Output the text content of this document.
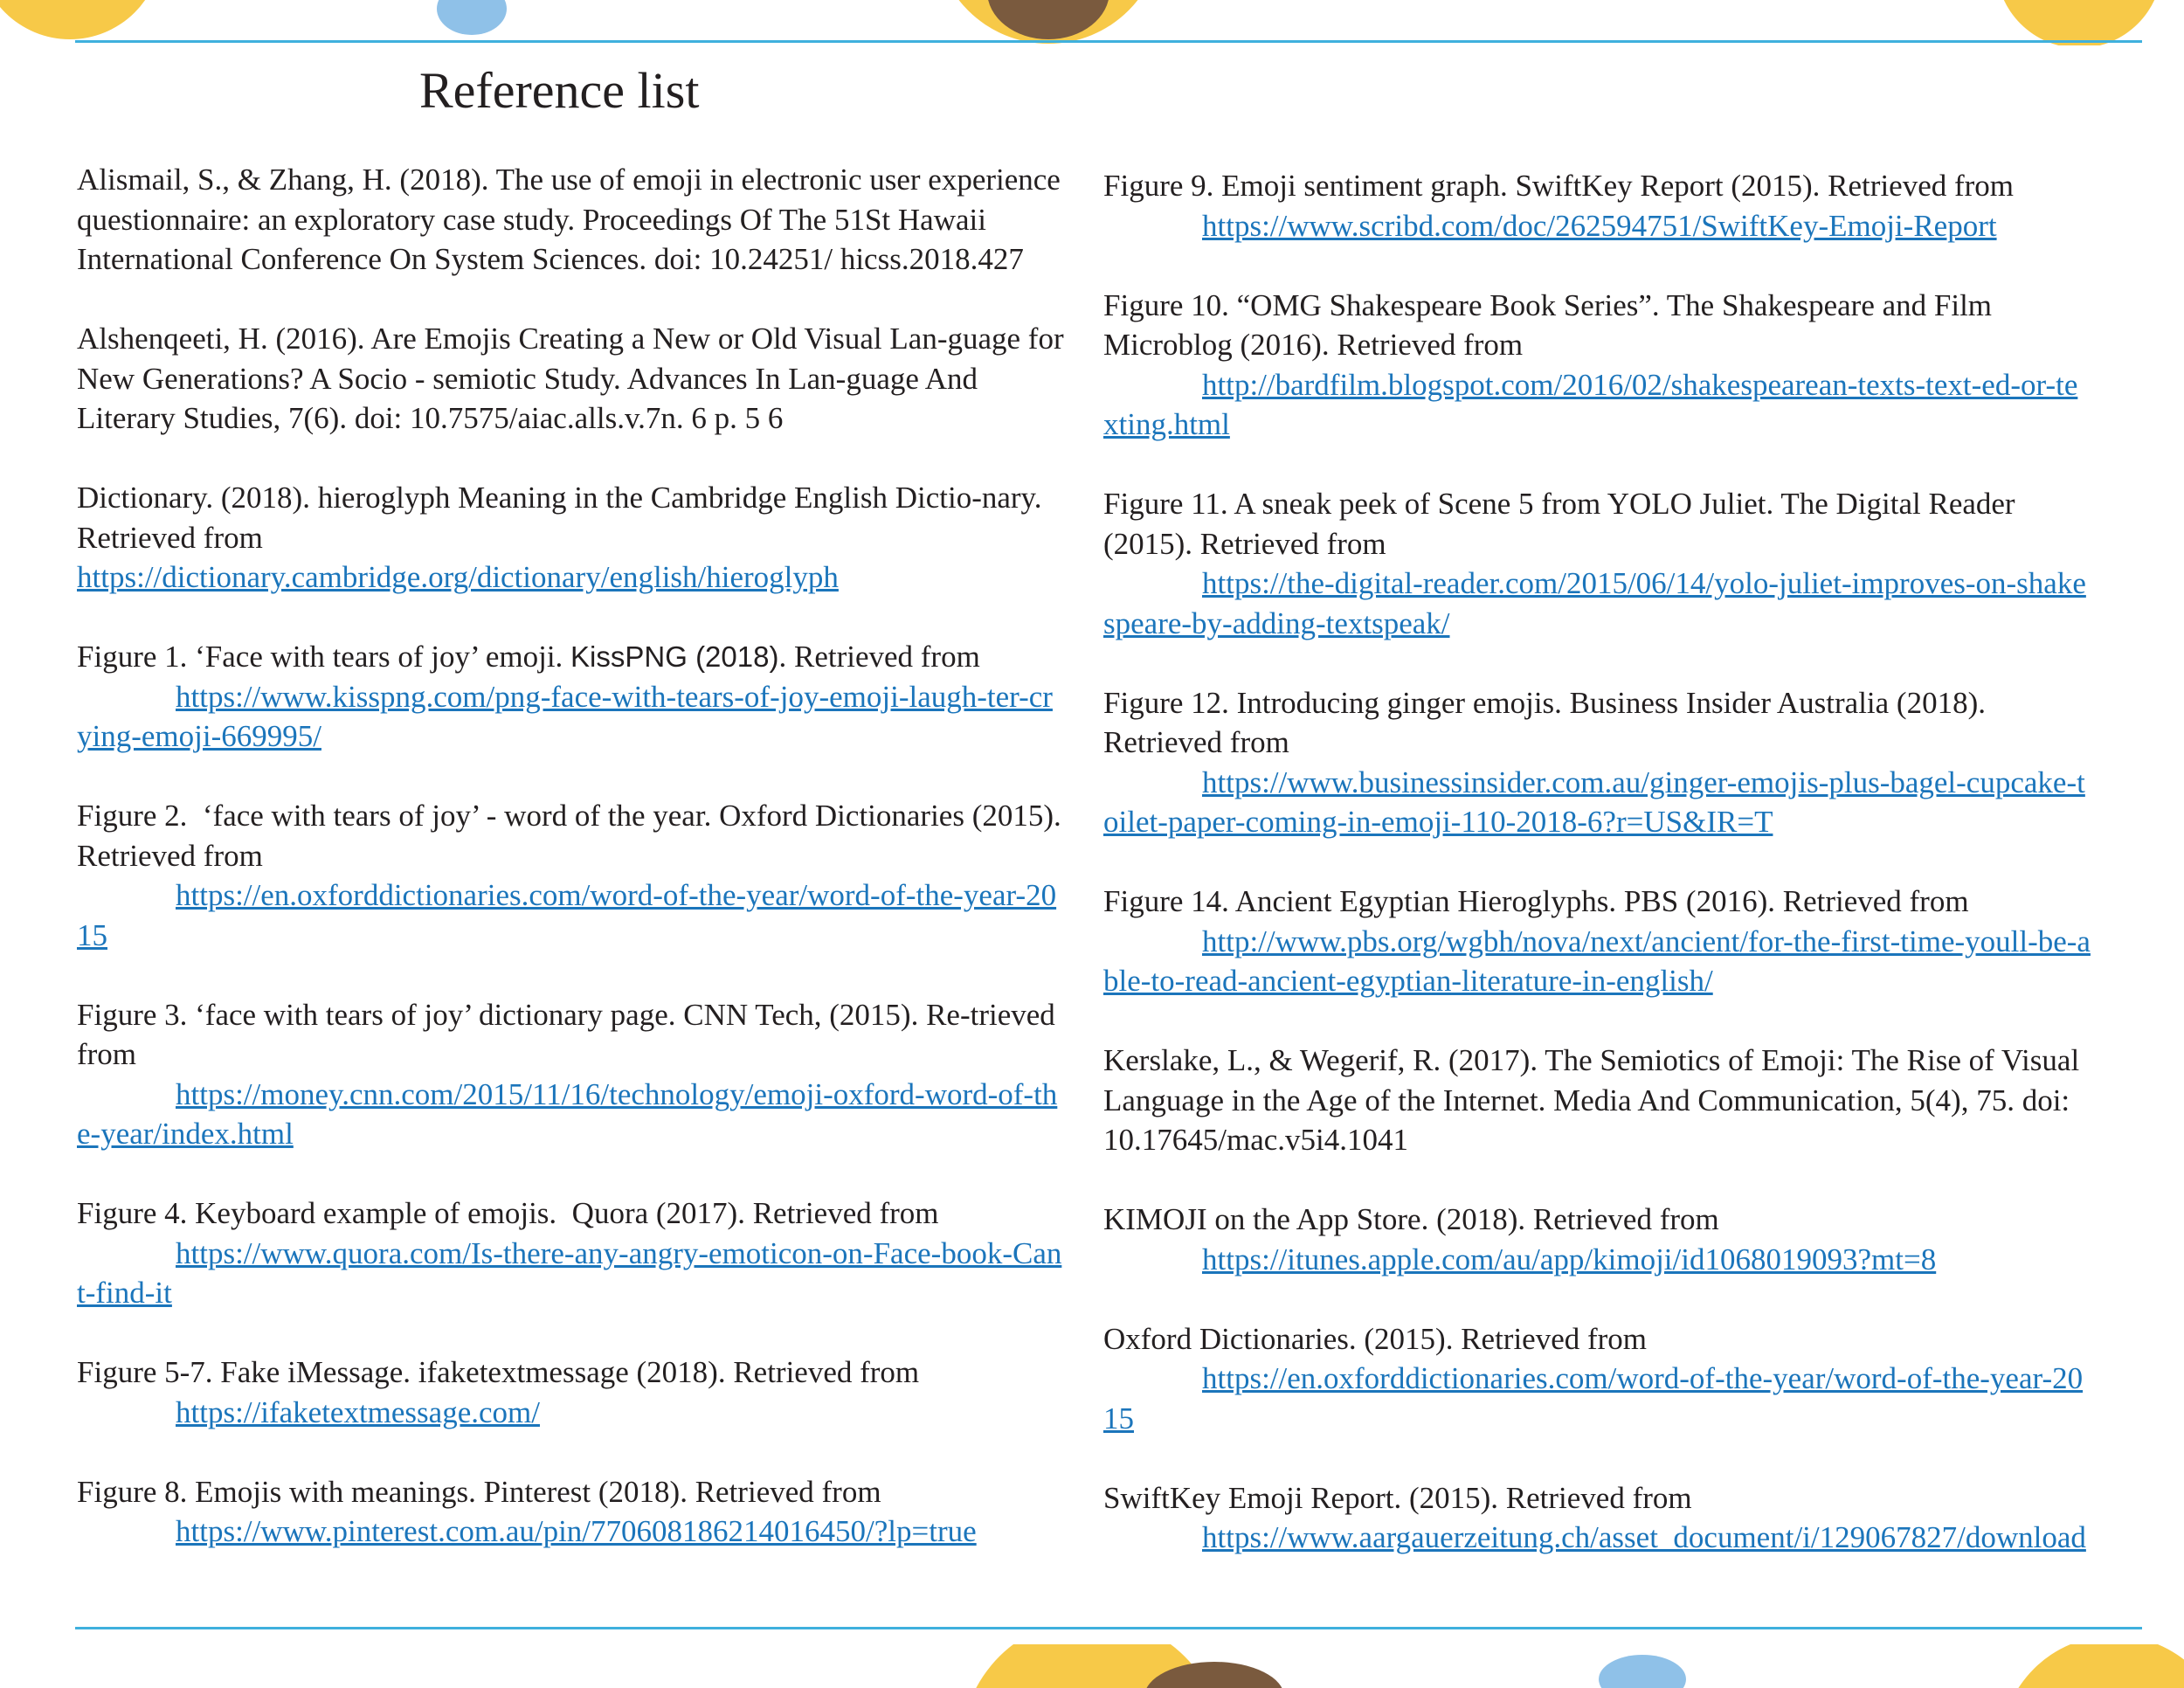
Reference list

Alismail, S., & Zhang, H. (2018). The use of emoji in electronic user experience questionnaire: an exploratory case study. Proceedings Of The 51St Hawaii International Conference On System Sciences. doi: 10.24251/ hicss.2018.427

Alshenqeeti, H. (2016). Are Emojis Creating a New or Old Visual Lan-guage for New Generations? A Socio - semiotic Study. Advances In Lan-guage And Literary Studies, 7(6). doi: 10.7575/aiac.alls.v.7n. 6 p. 5 6

Dictionary. (2018). hieroglyph Meaning in the Cambridge English Dictio-nary. Retrieved from
https://dictionary.cambridge.org/dictionary/english/hieroglyph

Figure 1. ‘Face with tears of joy’ emoji. KissPNG (2018). Retrieved from
https://www.kisspng.com/png-face-with-tears-of-joy-emoji-laugh-ter-crying-emoji-669995/

Figure 2.  ‘face with tears of joy’ - word of the year. Oxford Dictionaries (2015). Retrieved from
https://en.oxforddictionaries.com/word-of-the-year/word-of-the-year-2015

Figure 3. ‘face with tears of joy’ dictionary page. CNN Tech, (2015). Re-trieved from
https://money.cnn.com/2015/11/16/technology/emoji-oxford-word-of-the-year/index.html

Figure 4. Keyboard example of emojis.  Quora (2017). Retrieved from
https://www.quora.com/Is-there-any-angry-emoticon-on-Face-book-Cant-find-it

Figure 5-7. Fake iMessage. ifaketextmessage (2018). Retrieved from
https://ifaketextmessage.com/

Figure 8. Emojis with meanings. Pinterest (2018). Retrieved from
https://www.pinterest.com.au/pin/770608186214016450/?lp=true

Figure 9. Emoji sentiment graph. SwiftKey Report (2015). Retrieved from
https://www.scribd.com/doc/262594751/SwiftKey-Emoji-Report

Figure 10. “OMG Shakespeare Book Series”. The Shakespeare and Film Microblog (2016). Retrieved from
http://bardfilm.blogspot.com/2016/02/shakespearean-texts-text-ed-or-texting.html

Figure 11. A sneak peek of Scene 5 from YOLO Juliet. The Digital Reader (2015). Retrieved from
https://the-digital-reader.com/2015/06/14/yolo-juliet-improves-on-shakespeare-by-adding-textspeak/

Figure 12. Introducing ginger emojis. Business Insider Australia (2018). Retrieved from
https://www.businessinsider.com.au/ginger-emojis-plus-bagel-cupcake-toilet-paper-coming-in-emoji-110-2018-6?r=US&IR=T

Figure 14. Ancient Egyptian Hieroglyphs. PBS (2016). Retrieved from
http://www.pbs.org/wgbh/nova/next/ancient/for-the-first-time-youll-be-able-to-read-ancient-egyptian-literature-in-english/

Kerslake, L., & Wegerif, R. (2017). The Semiotics of Emoji: The Rise of Visual Language in the Age of the Internet. Media And Communication, 5(4), 75. doi: 10.17645/mac.v5i4.1041

KIMOJI on the App Store. (2018). Retrieved from
https://itunes.apple.com/au/app/kimoji/id1068019093?mt=8

Oxford Dictionaries. (2015). Retrieved from
https://en.oxforddictionaries.com/word-of-the-year/word-of-the-year-2015

SwiftKey Emoji Report. (2015). Retrieved from
https://www.aargauerzeitung.ch/asset_document/i/129067827/download
